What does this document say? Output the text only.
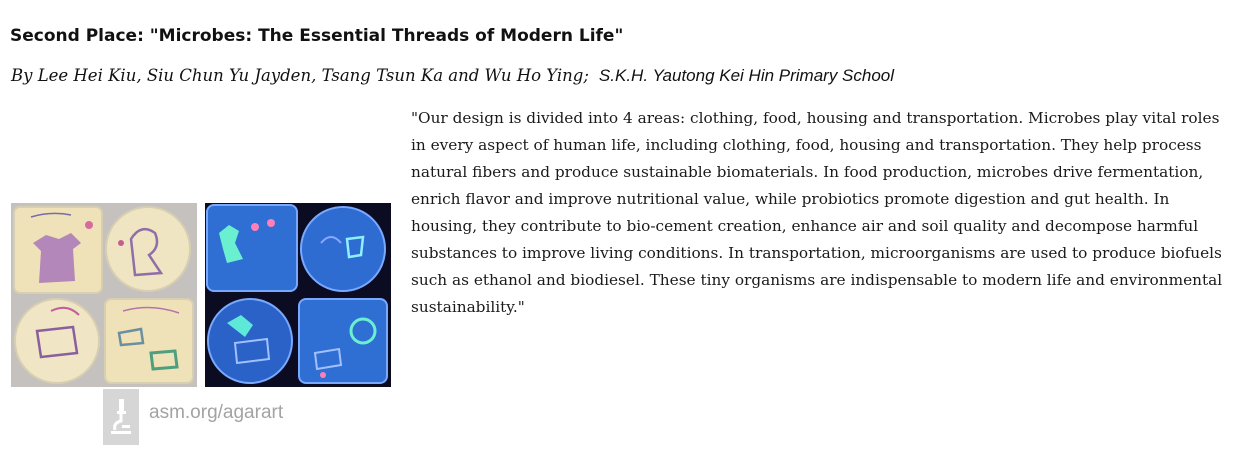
Second Place: "Microbes: The Essential Threads of Modern Life"
By Lee Hei Kiu, Siu Chun Yu Jayden, Tsang Tsun Ka and Wu Ho Ying; S.K.H. Yautong Kei Hin Primary School
asm.org/agarart

"Our design is divided into 4 areas: clothing, food, housing and transportation. Microbes play vital roles in every aspect of human life, including clothing, food, housing and transportation. They help process natural fibers and produce sustainable biomaterials. In food production, microbes drive fermentation, enrich flavor and improve nutritional value, while probiotics promote digestion and gut health. In housing, they contribute to bio-cement creation, enhance air and soil quality and decompose harmful substances to improve living conditions. In transportation, microorganisms are used to produce biofuels such as ethanol and biodiesel. These tiny organisms are indispensable to modern life and environmental sustainability."
